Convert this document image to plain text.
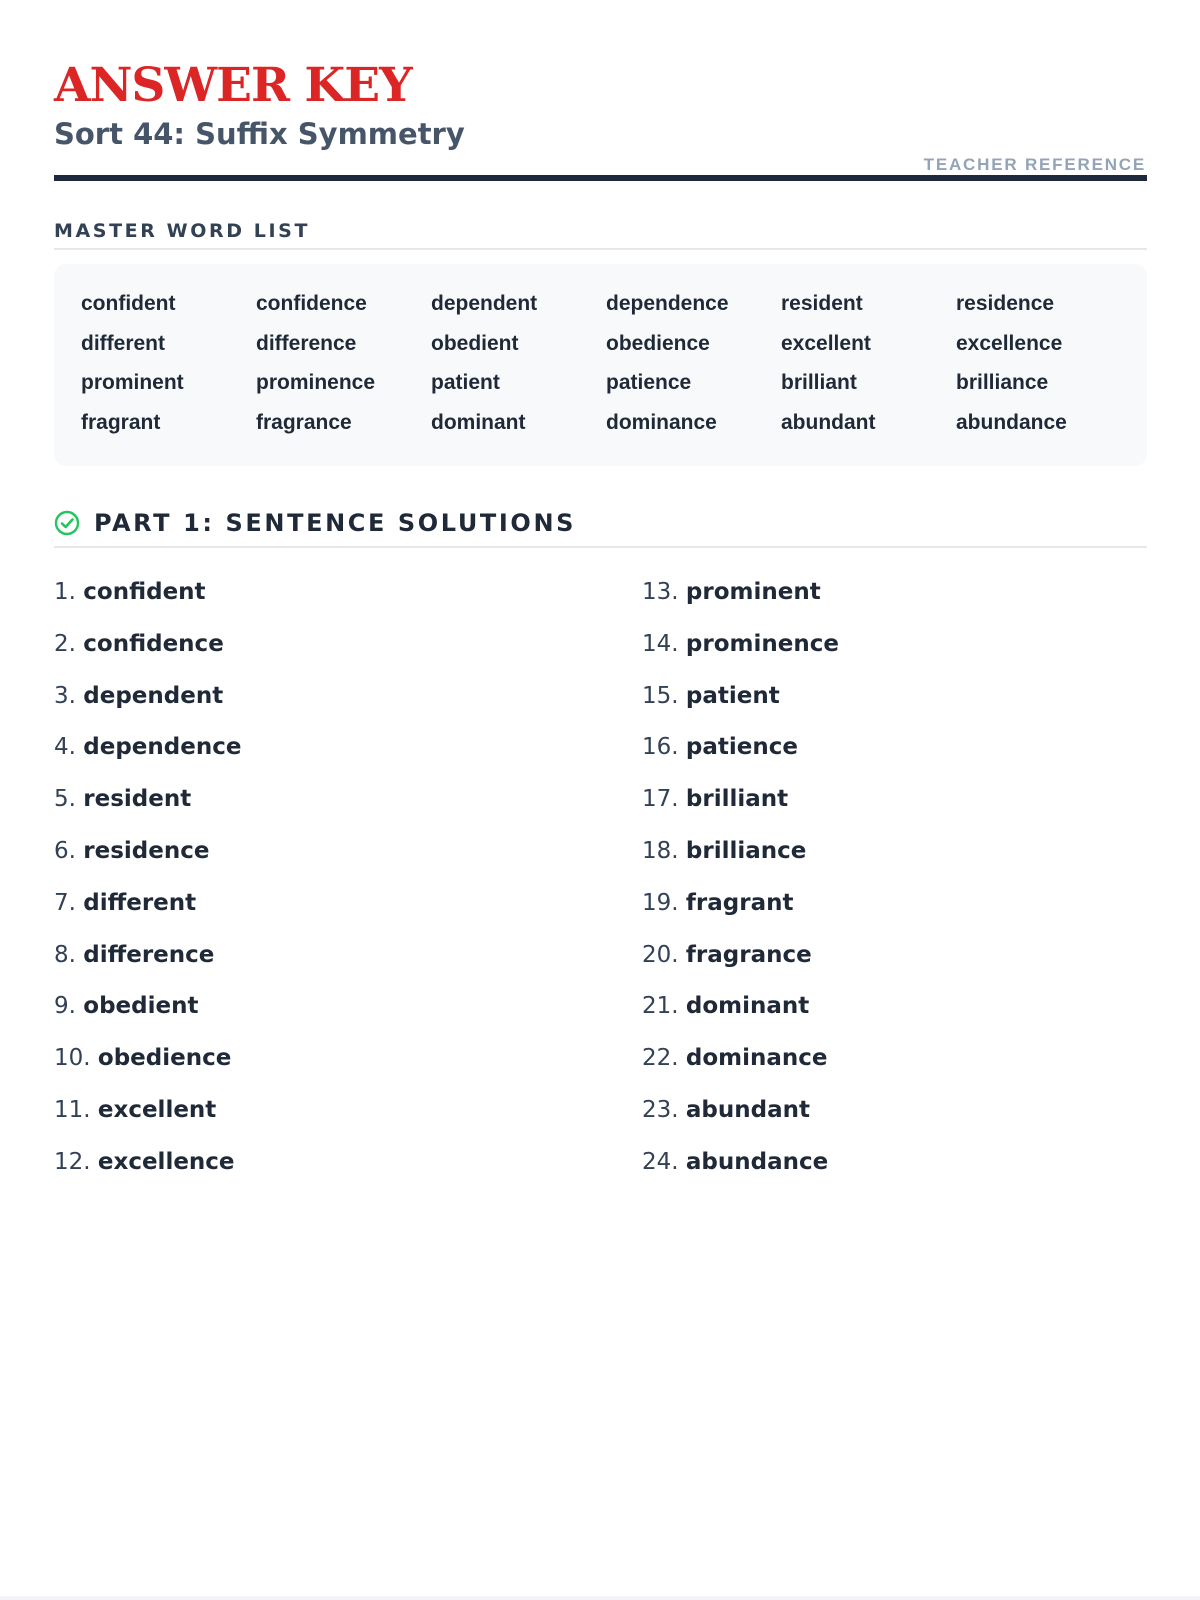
ANSWER KEY
TEACHER REFERENCE
Sort 44: Suffix Symmetry
MASTER WORD LIST
confident	confidence	dependent	dependence	resident	residence
different	difference	obedient	obedience	excellent	excellence
prominent	prominence	patient	patience	brilliant	brilliance
fragrant	fragrance	dominant	dominance	abundant	abundance
PART 1: SENTENCE SOLUTIONS
1. confident
2. confidence
3. dependent
4. dependence
5. resident
6. residence
7. different
8. difference
9. obedient
10. obedience
11. excellent
12. excellence
13. prominent
14. prominence
15. patient
16. patience
17. brilliant
18. brilliance
19. fragrant
20. fragrance
21. dominant
22. dominance
23. abundant
24. abundance
